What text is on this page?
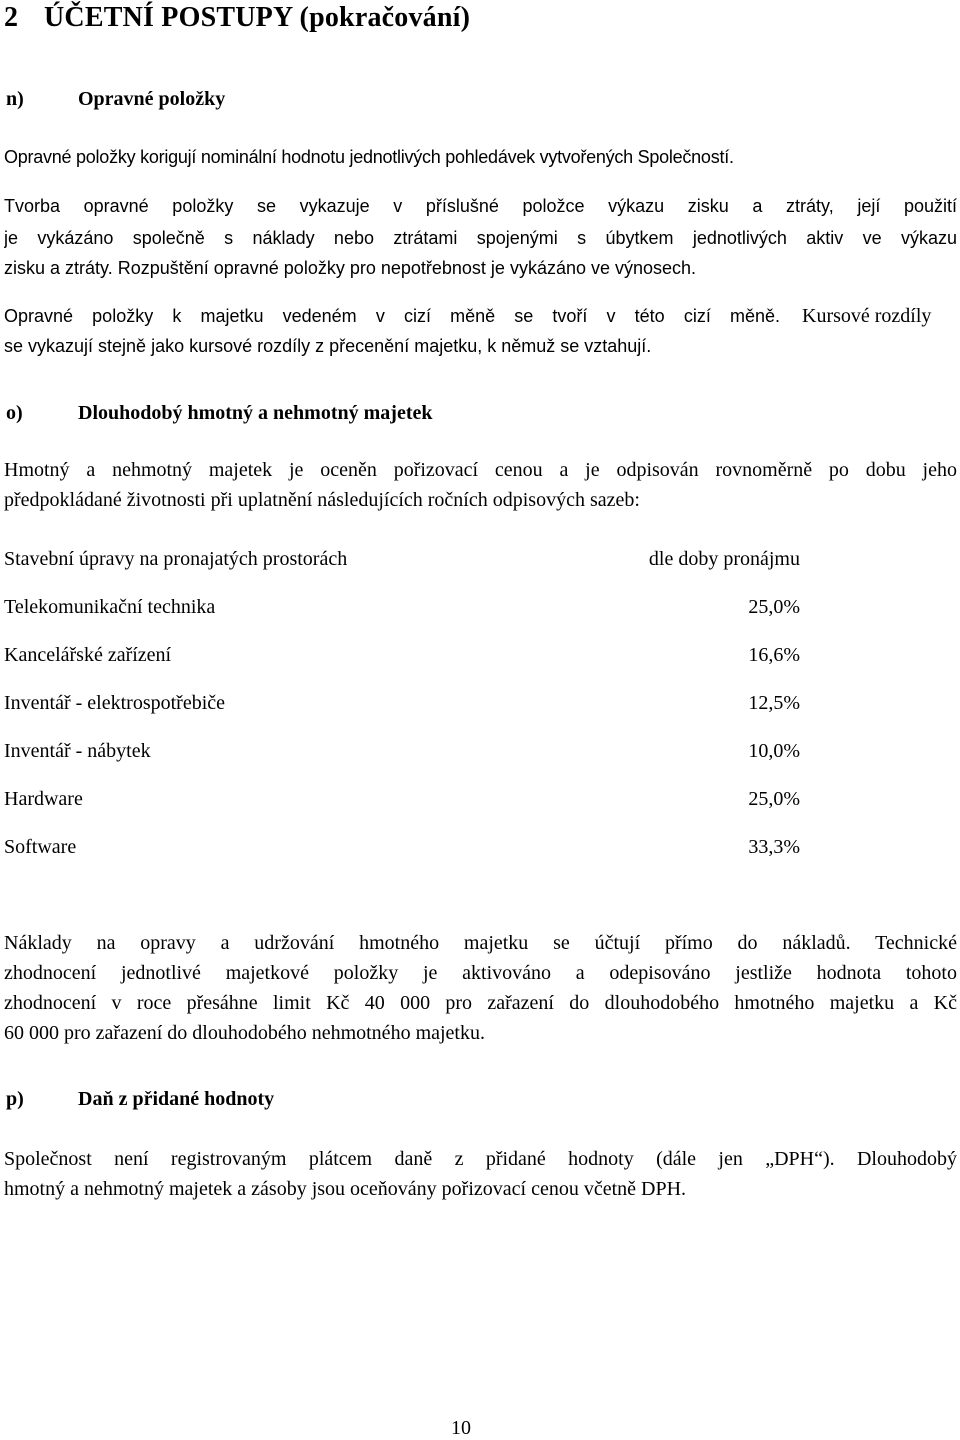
2 ÚČETNÍ POSTUPY (pokračování)
n)	Opravné položky
Opravné položky korigují nominální hodnotu jednotlivých pohledávek vytvořených Společností.
Tvorba opravné položky se vykazuje v příslušné položce výkazu zisku a ztráty, její použití
je vykázáno společně s náklady nebo ztrátami spojenými s úbytkem jednotlivých aktiv ve výkazu
zisku a ztráty. Rozpuštění opravné položky pro nepotřebnost je vykázáno ve výnosech.
Opravné položky k majetku vedeném v cizí měně se tvoří v této cizí měně. Kursové rozdíly
se vykazují stejně jako kursové rozdíly z přecenění majetku, k němuž se vztahují.
o)	Dlouhodobý hmotný a nehmotný majetek
Hmotný a nehmotný majetek je oceněn pořizovací cenou a je odpisován rovnoměrně po dobu jeho
předpokládané životnosti při uplatnění následujících ročních odpisových sazeb:
Stavební úpravy na pronajatých prostorách	dle doby pronájmu
Telekomunikační technika	25,0%
Kancelářské zařízení	16,6%
Inventář - elektrospotřebiče	12,5%
Inventář - nábytek	10,0%
Hardware	25,0%
Software	33,3%
Náklady na opravy a udržování hmotného majetku se účtují přímo do nákladů. Technické
zhodnocení jednotlivé majetkové položky je aktivováno a odepisováno jestliže hodnota tohoto
zhodnocení v roce přesáhne limit Kč 40 000 pro zařazení do dlouhodobého hmotného majetku a Kč
60 000 pro zařazení do dlouhodobého nehmotného majetku.
p)	Daň z přidané hodnoty
Společnost není registrovaným plátcem daně z přidané hodnoty (dále jen „DPH“). Dlouhodobý
hmotný a nehmotný majetek a zásoby jsou oceňovány pořizovací cenou včetně DPH.
10
